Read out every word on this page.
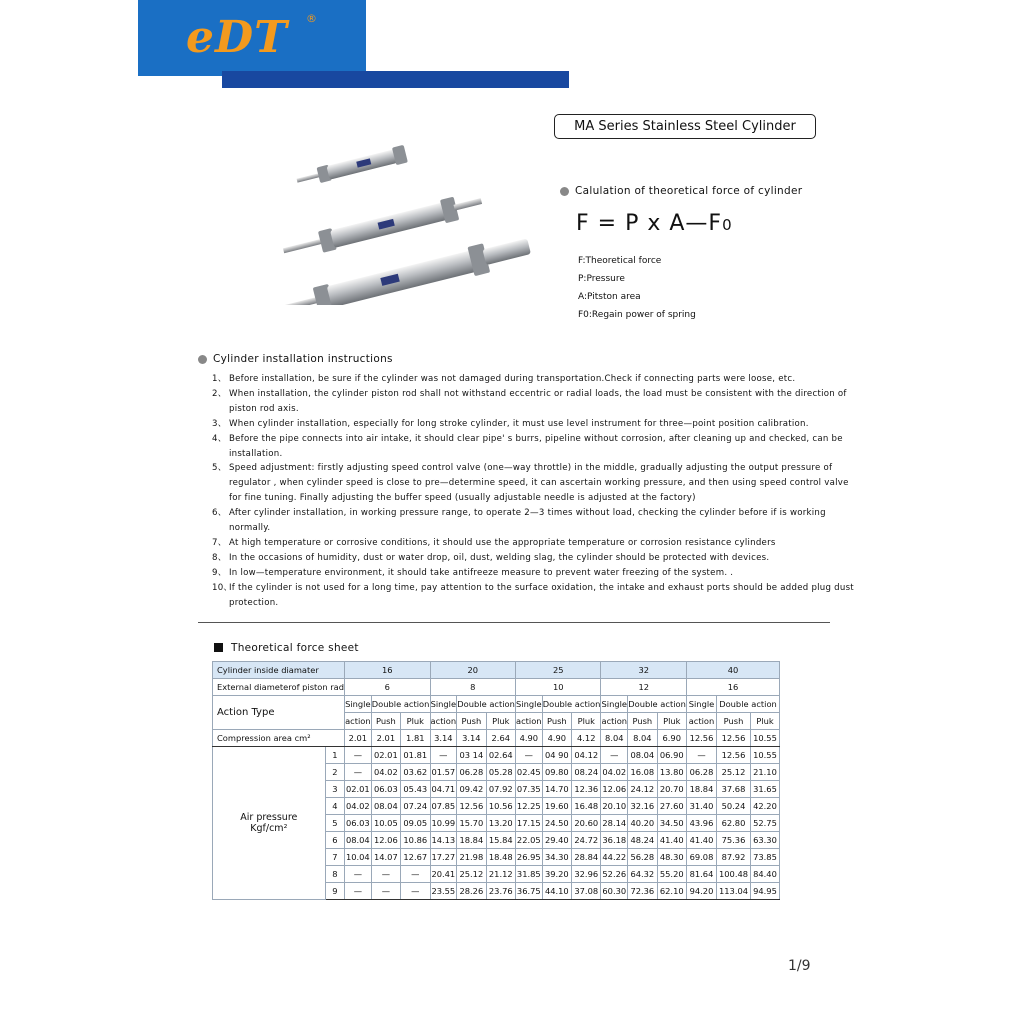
eDT ®
MA Series Stainless Steel Cylinder
Calulation of theoretical force of cylinder
F = P x A—F0
F:Theoretical force
P:Pressure
A:Pitston area
F0:Regain power of spring
Cylinder installation instructions
1、 Before installation, be sure if the cylinder was not damaged during transportation.Check if connecting parts were loose, etc.
2、 When installation, the cylinder piston rod shall not withstand eccentric or radial loads, the load must be consistent with the direction of piston rod axis.
3、 When cylinder installation, especially for long stroke cylinder, it must use level instrument for three—point position calibration.
4、 Before the pipe connects into air intake, it should clear pipe' s burrs, pipeline without corrosion, after cleaning up and checked, can be installation.
5、 Speed adjustment: firstly adjusting speed control valve (one—way throttle) in the middle, gradually adjusting the output pressure of regulator , when cylinder speed is close to pre—determine speed, it can ascertain working pressure, and then using speed control valve for fine tuning. Finally adjusting the buffer speed (usually adjustable needle is adjusted at the factory)
6、 After cylinder installation, in working pressure range, to operate 2—3 times without load, checking the cylinder before if is working normally.
7、 At high temperature or corrosive conditions, it should use the appropriate temperature or corrosion resistance cylinders
8、 In the occasions of humidity, dust or water drop, oil, dust, welding slag, the cylinder should be protected with devices.
9、 In low—temperature environment, it should take antifreeze measure to prevent water freezing of the system. .
10、
If the cylinder is not used for a long time, pay attention to the surface oxidation, the intake and exhaust ports should be added plug dust protection.
Theoretical force sheet
Cylinder inside diamater		16			20			25			32			40		
External diameterof piston rad		6			8			10			12			16		
Action Type		Single	Double action		Single	Double action		Single	Double action		Single	Double action		Single	Double action	
		action	Push	Pluk	action	Push	Pluk	action	Push	Pluk	action	Push	Pluk	action	Push	Pluk
Compression area cm²		2.01	2.01	1.81	3.14	3.14	2.64	4.90	4.90	4.12	8.04	8.04	6.90	12.56	12.56	10.55

Air pressure
Kgf/cm²	1	—	02.01	01.81	—	03 14	02.64	—	04 90	04.12	—	08.04	06.90	—	12.56	10.55
	2	—	04.02	03.62	01.57	06.28	05.28	02.45	09.80	08.24	04.02	16.08	13.80	06.28	25.12	21.10
	3	02.01	06.03	05.43	04.71	09.42	07.92	07.35	14.70	12.36	12.06	24.12	20.70	18.84	37.68	31.65
	4	04.02	08.04	07.24	07.85	12.56	10.56	12.25	19.60	16.48	20.10	32.16	27.60	31.40	50.24	42.20
	5	06.03	10.05	09.05	10.99	15.70	13.20	17.15	24.50	20.60	28.14	40.20	34.50	43.96	62.80	52.75
	6	08.04	12.06	10.86	14.13	18.84	15.84	22.05	29.40	24.72	36.18	48.24	41.40	41.40	75.36	63.30
	7	10.04	14.07	12.67	17.27	21.98	18.48	26.95	34.30	28.84	44.22	56.28	48.30	69.08	87.92	73.85
	8	—	—	—	20.41	25.12	21.12	31.85	39.20	32.96	52.26	64.32	55.20	81.64	100.48	84.40
	9	—	—	—	23.55	28.26	23.76	36.75	44.10	37.08	60.30	72.36	62.10	94.20	113.04	94.95
1/9
